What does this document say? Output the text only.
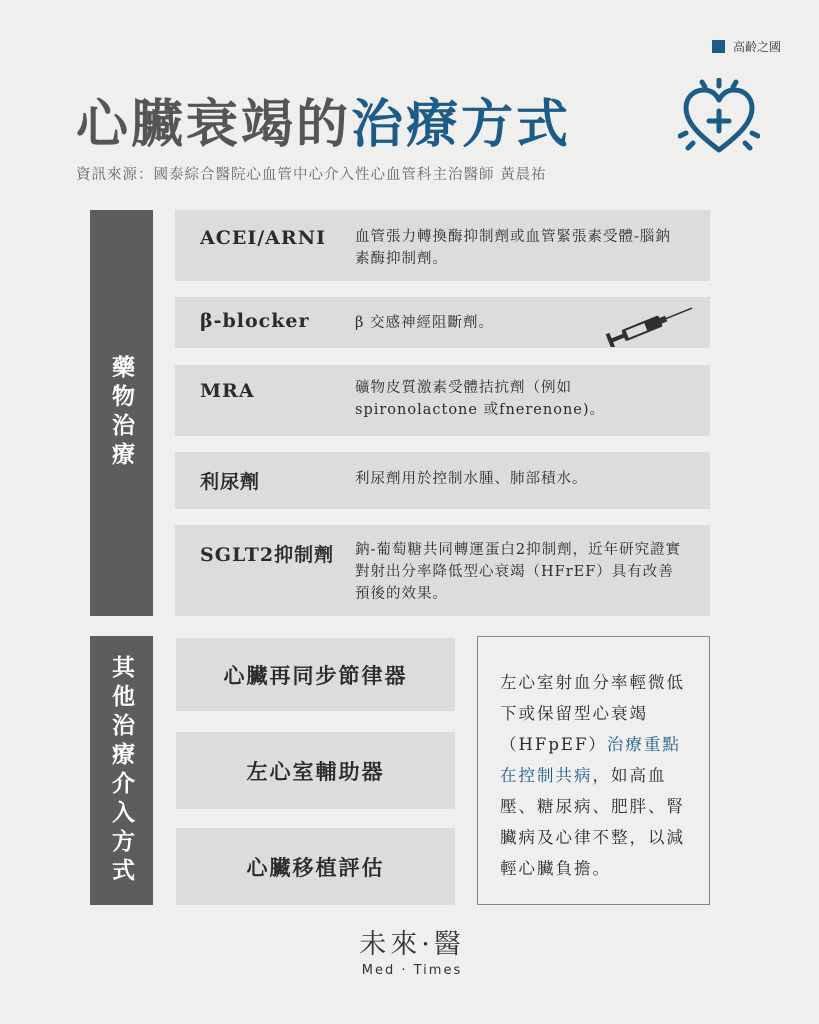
高齡之國
心臟衰竭的治療方式
資訊來源：國泰綜合醫院心血管中心介入性心血管科主治醫師 黃晨祐
藥物治療
ACEI/ARNI 血管張力轉換酶抑制劑或血管緊張素受體-腦鈉素酶抑制劑。
β-blocker	β 交感神經阻斷劑。
MRA	礦物皮質激素受體拮抗劑（例如spironolactone 或fnerenone)。
利尿劑	利尿劑用於控制水腫、肺部積水。
SGLT2抑制劑 鈉-葡萄糖共同轉運蛋白2抑制劑，近年研究證實對射出分率降低型心衰竭（HFrEF）具有改善預後的效果。
其他治療介入方式	心臟再同步節律器
左心室輔助器
心臟移植評估
左心室射血分率輕微低下或保留型心衰竭（HFpEF）治療重點在控制共病，如高血壓、糖尿病、肥胖、腎臟病及心律不整，以減輕心臟負擔。
未來·醫
Med · Times
